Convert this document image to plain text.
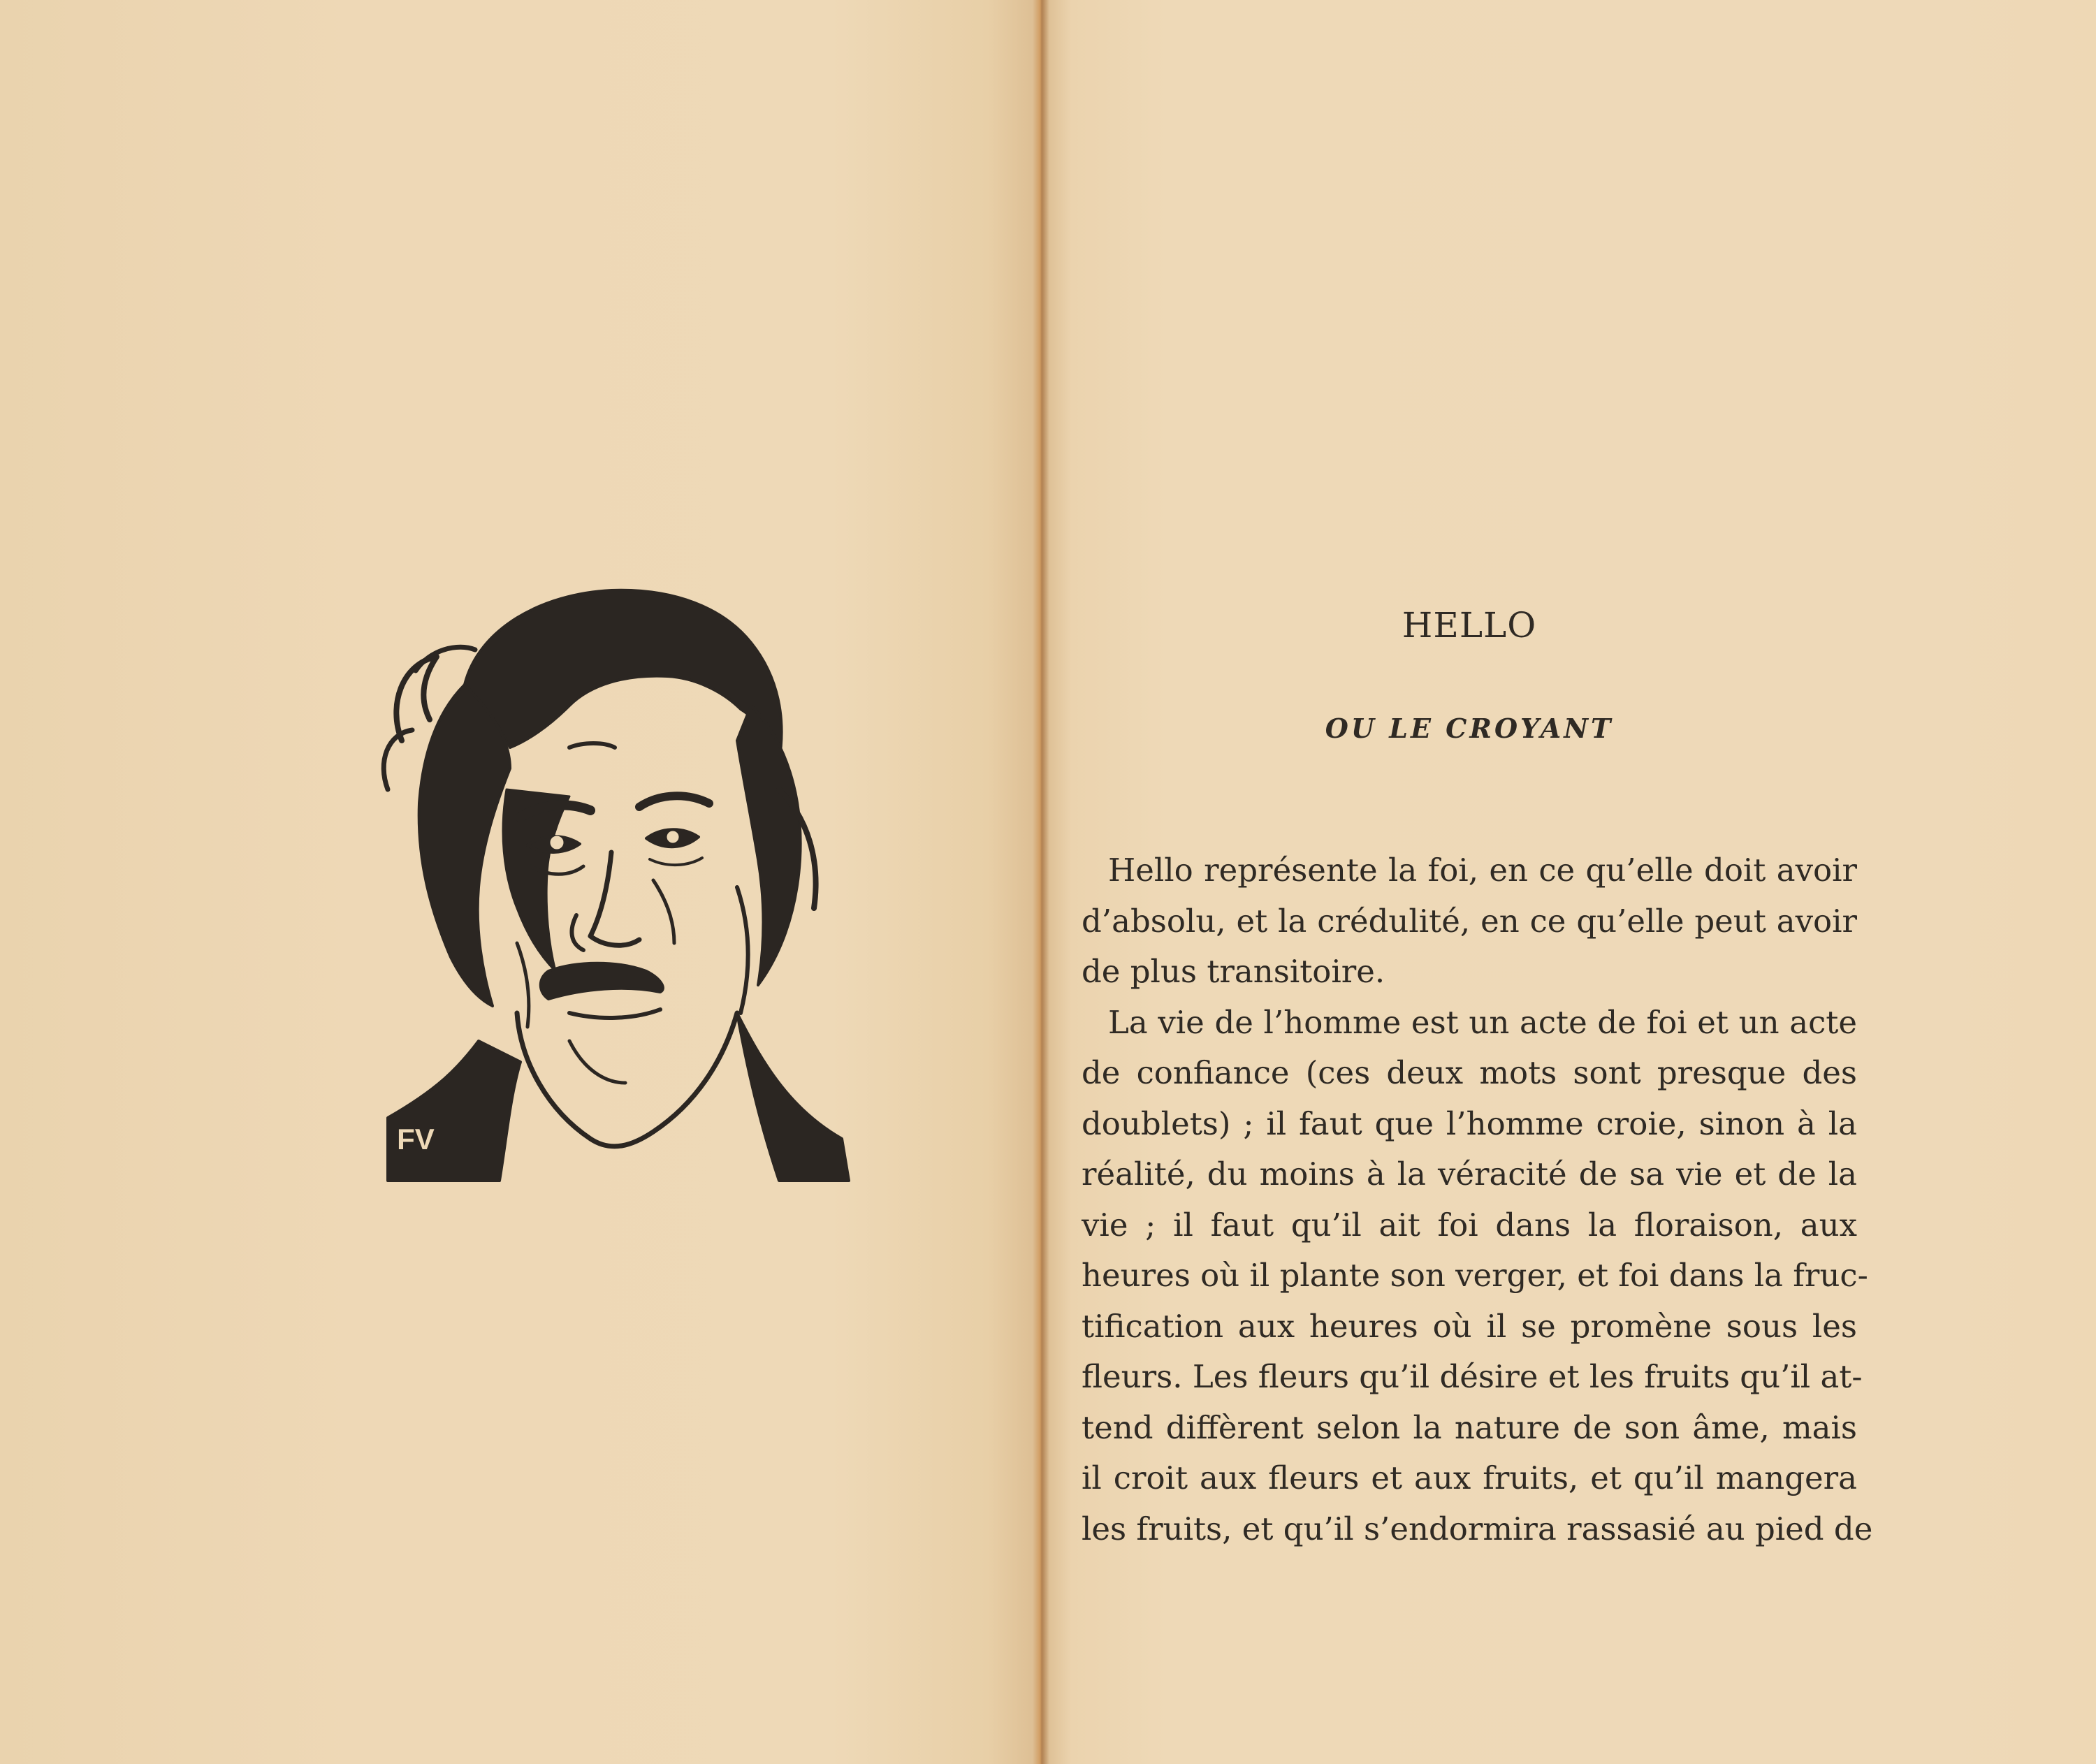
FV
HELLO
OU LE CROYANT
Hello représente la foi, en ce qu’elle doit avoir
d’absolu, et la crédulité, en ce qu’elle peut avoir
de plus transitoire.
La vie de l’homme est un acte de foi et un acte
de confiance (ces deux mots sont presque des
doublets) ; il faut que l’homme croie, sinon à la
réalité, du moins à la véracité de sa vie et de la
vie ; il faut qu’il ait foi dans la floraison, aux
heures où il plante son verger, et foi dans la fruc-
tification aux heures où il se promène sous les
fleurs. Les fleurs qu’il désire et les fruits qu’il at-
tend diffèrent selon la nature de son âme, mais
il croit aux fleurs et aux fruits, et qu’il mangera
les fruits, et qu’il s’endormira rassasié au pied de
